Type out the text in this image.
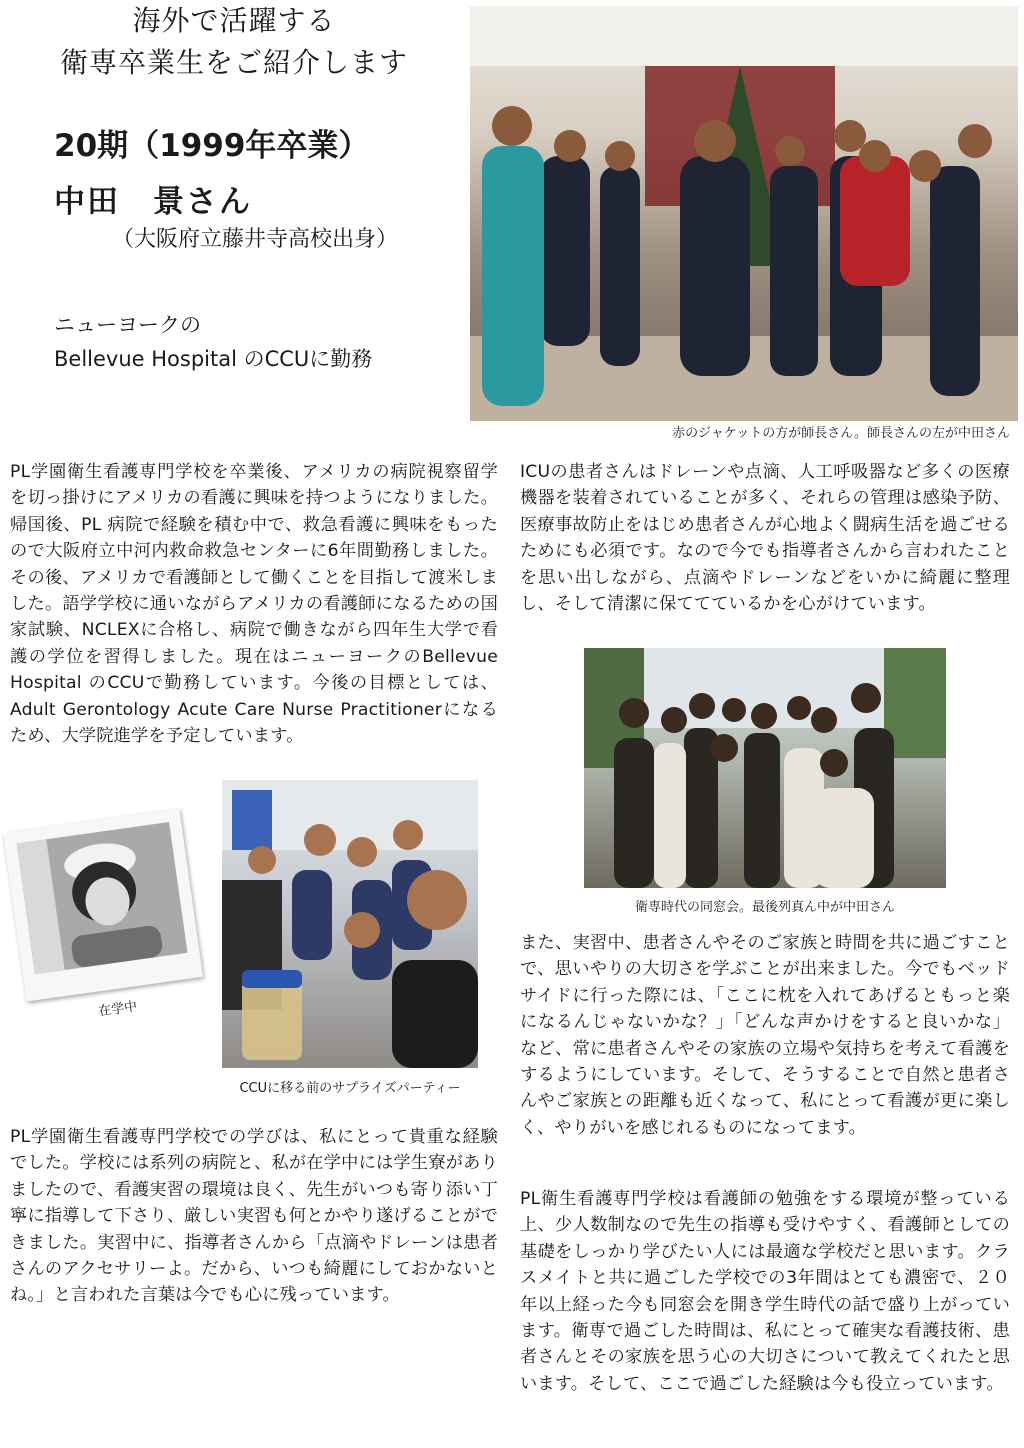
海外で活躍する
衛専卒業生をご紹介します
20期（1999年卒業）
中田　景さん
（大阪府立藤井寺高校出身）
ニューヨークの
Bellevue Hospital のCCUに勤務
赤のジャケットの方が師長さん。師長さんの左が中田さん
PL学園衛生看護専門学校を卒業後、アメリカの病院視察留学を切っ掛けにアメリカの看護に興味を持つようになりました。帰国後、PL 病院で経験を積む中で、救急看護に興味をもったので大阪府立中河内救命救急センターに6年間勤務しました。その後、アメリカで看護師として働くことを目指して渡米しました。語学学校に通いながらアメリカの看護師になるための国家試験、NCLEXに合格し、病院で働きながら四年生大学で看護の学位を習得しました。現在はニューヨークのBellevue Hospital のCCUで勤務しています。今後の目標としては、Adult Gerontology Acute Care Nurse Practitionerになるため、大学院進学を予定しています。
ICUの患者さんはドレーンや点滴、人工呼吸器など多くの医療機器を装着されていることが多く、それらの管理は感染予防、医療事故防止をはじめ患者さんが心地よく闘病生活を過ごせるためにも必須です。なので今でも指導者さんから言われたことを思い出しながら、点滴やドレーンなどをいかに綺麗に整理し、そして清潔に保ててているかを心がけています。
衛専時代の同窓会。最後列真ん中が中田さん
在学中
CCUに移る前のサプライズパーティー
PL学園衛生看護専門学校での学びは、私にとって貴重な経験でした。学校には系列の病院と、私が在学中には学生寮がありましたので、看護実習の環境は良く、先生がいつも寄り添い丁寧に指導して下さり、厳しい実習も何とかやり遂げることができました。実習中に、指導者さんから「点滴やドレーンは患者さんのアクセサリーよ。だから、いつも綺麗にしておかないとね。」と言われた言葉は今でも心に残っています。
また、実習中、患者さんやそのご家族と時間を共に過ごすことで、思いやりの大切さを学ぶことが出来ました。今でもベッドサイドに行った際には、「ここに枕を入れてあげるともっと楽になるんじゃないかな？」「どんな声かけをすると良いかな」など、常に患者さんやその家族の立場や気持ちを考えて看護をするようにしています。そして、そうすることで自然と患者さんやご家族との距離も近くなって、私にとって看護が更に楽しく、やりがいを感じれるものになってます。
PL衛生看護専門学校は看護師の勉強をする環境が整っている上、少人数制なので先生の指導も受けやすく、看護師としての基礎をしっかり学びたい人には最適な学校だと思います。クラスメイトと共に過ごした学校での3年間はとても濃密で、２０年以上経った今も同窓会を開き学生時代の話で盛り上がっています。衛専で過ごした時間は、私にとって確実な看護技術、患者さんとその家族を思う心の大切さについて教えてくれたと思います。そして、ここで過ごした経験は今も役立っています。
